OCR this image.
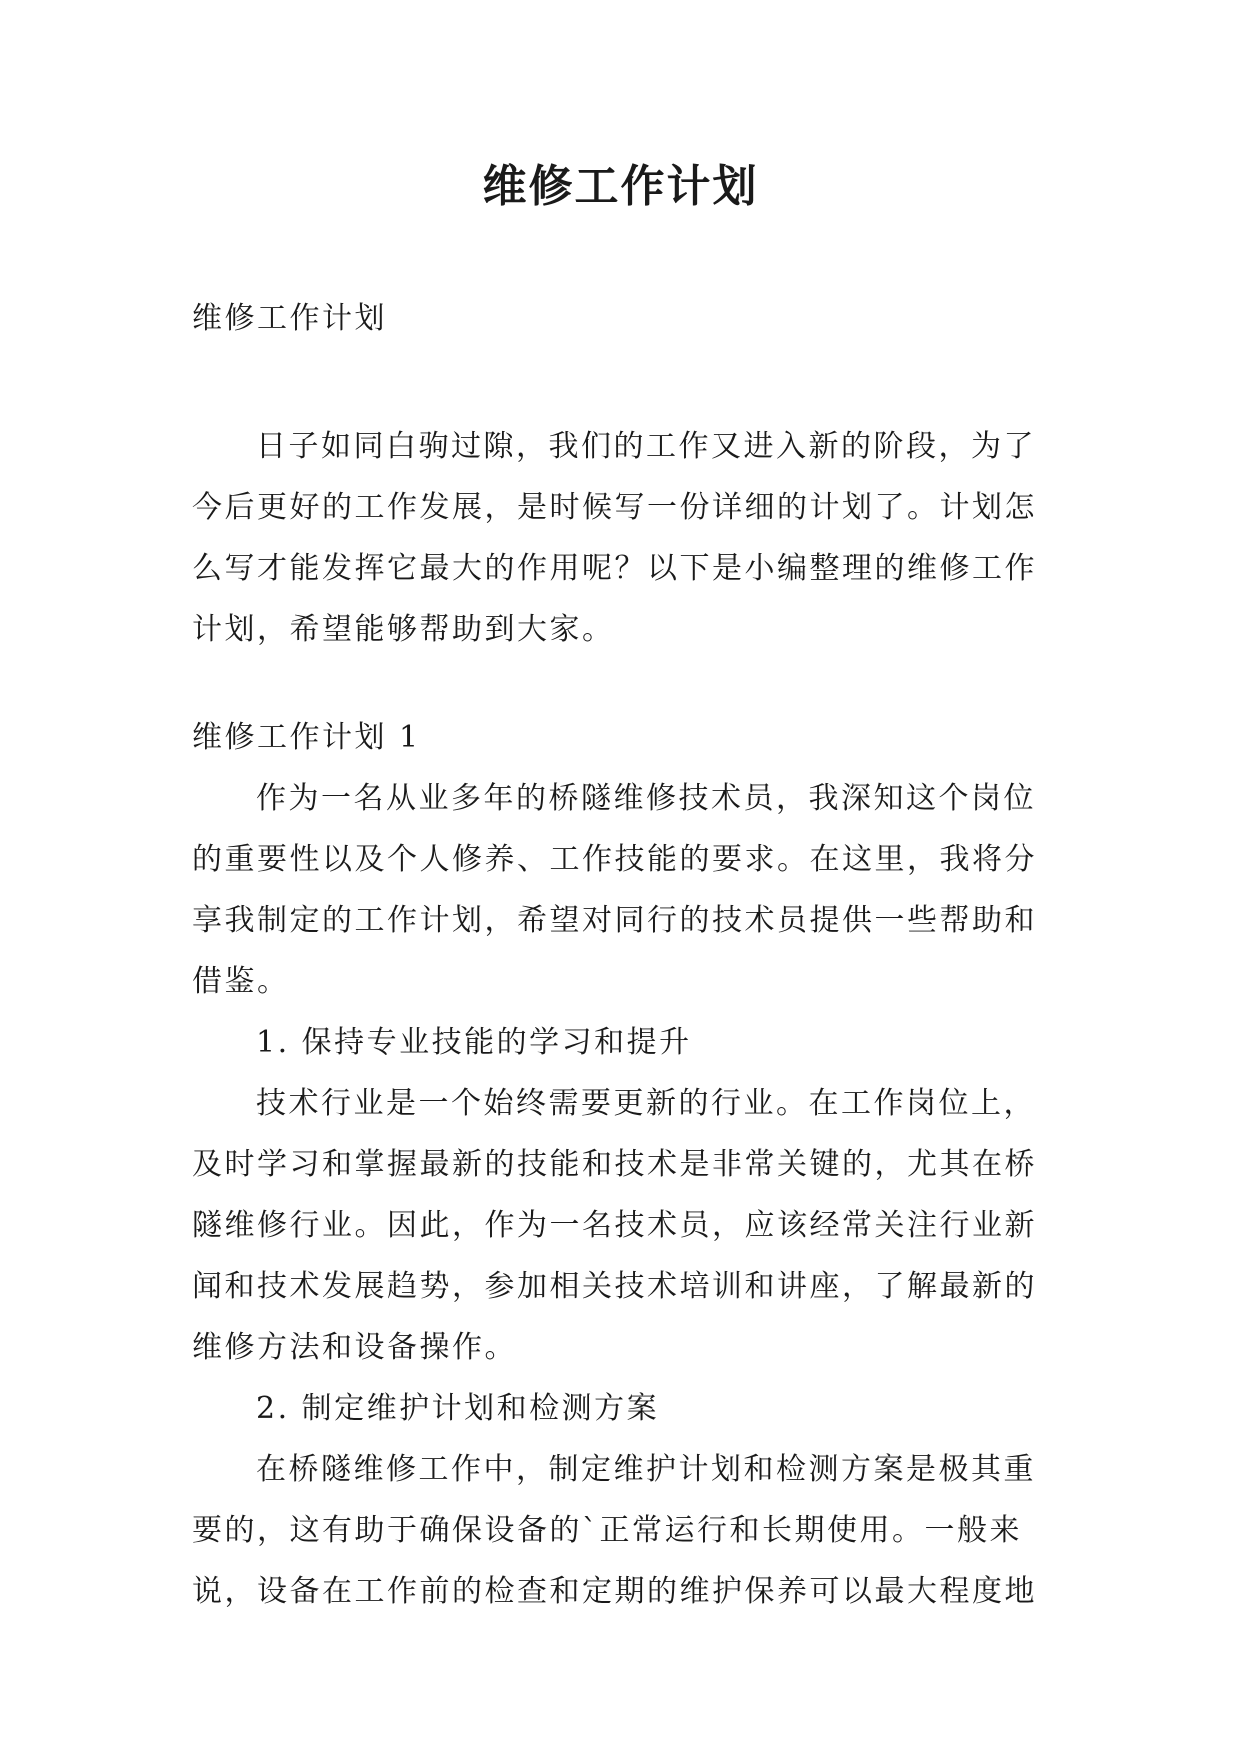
维修工作计划

维修工作计划

日子如同白驹过隙，我们的工作又进入新的阶段，为了今后更好的工作发展，是时候写一份详细的计划了。计划怎么写才能发挥它最大的作用呢？以下是小编整理的维修工作计划，希望能够帮助到大家。

维修工作计划 1

作为一名从业多年的桥隧维修技术员，我深知这个岗位的重要性以及个人修养、工作技能的要求。在这里，我将分享我制定的工作计划，希望对同行的技术员提供一些帮助和借鉴。

1. 保持专业技能的学习和提升

技术行业是一个始终需要更新的行业。在工作岗位上，及时学习和掌握最新的技能和技术是非常关键的，尤其在桥隧维修行业。因此，作为一名技术员，应该经常关注行业新闻和技术发展趋势，参加相关技术培训和讲座，了解最新的维修方法和设备操作。

2. 制定维护计划和检测方案

在桥隧维修工作中，制定维护计划和检测方案是极其重要的，这有助于确保设备的`正常运行和长期使用。一般来说，设备在工作前的检查和定期的维护保养可以最大程度地
